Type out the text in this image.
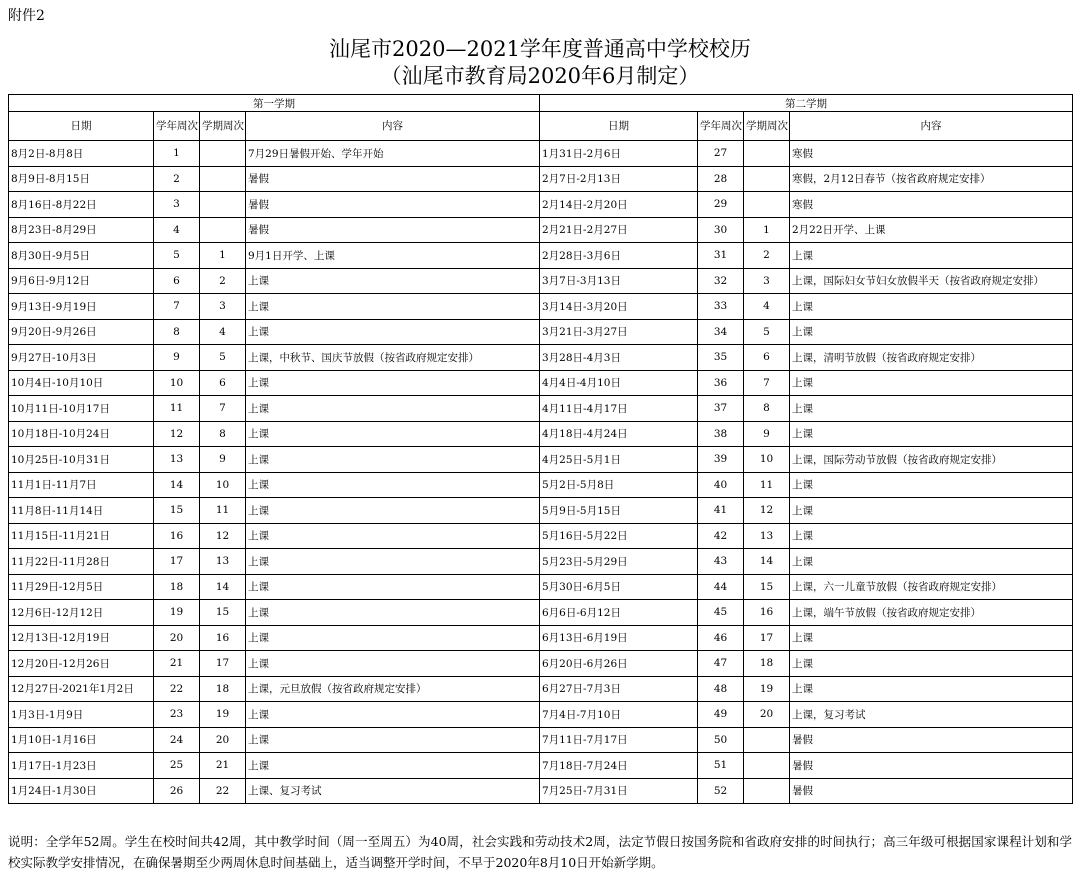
附件2
汕尾市2020—2021学年度普通高中学校校历
（汕尾市教育局2020年6月制定）
第一学期				第二学期			
日期	学年周次	学期周次	内容	日期	学年周次	学期周次	内容
8月2日-8月8日	1		7月29日暑假开始、学年开始	1月31日-2月6日	27		寒假
8月9日-8月15日	2		暑假	2月7日-2月13日	28		寒假，2月12日春节（按省政府规定安排）
8月16日-8月22日	3		暑假	2月14日-2月20日	29		寒假
8月23日-8月29日	4		暑假	2月21日-2月27日	30	1	2月22日开学、上课
8月30日-9月5日	5	1	9月1日开学、上课	2月28日-3月6日	31	2	上课
9月6日-9月12日	6	2	上课	3月7日-3月13日	32	3	上课，国际妇女节妇女放假半天（按省政府规定安排）
9月13日-9月19日	7	3	上课	3月14日-3月20日	33	4	上课
9月20日-9月26日	8	4	上课	3月21日-3月27日	34	5	上课
9月27日-10月3日	9	5	上课，中秋节、国庆节放假（按省政府规定安排）	3月28日-4月3日	35	6	上课，清明节放假（按省政府规定安排）
10月4日-10月10日	10	6	上课	4月4日-4月10日	36	7	上课
10月11日-10月17日	11	7	上课	4月11日-4月17日	37	8	上课
10月18日-10月24日	12	8	上课	4月18日-4月24日	38	9	上课
10月25日-10月31日	13	9	上课	4月25日-5月1日	39	10	上课，国际劳动节放假（按省政府规定安排）
11月1日-11月7日	14	10	上课	5月2日-5月8日	40	11	上课
11月8日-11月14日	15	11	上课	5月9日-5月15日	41	12	上课
11月15日-11月21日	16	12	上课	5月16日-5月22日	42	13	上课
11月22日-11月28日	17	13	上课	5月23日-5月29日	43	14	上课
11月29日-12月5日	18	14	上课	5月30日-6月5日	44	15	上课，六一儿童节放假（按省政府规定安排）
12月6日-12月12日	19	15	上课	6月6日-6月12日	45	16	上课，端午节放假（按省政府规定安排）
12月13日-12月19日	20	16	上课	6月13日-6月19日	46	17	上课
12月20日-12月26日	21	17	上课	6月20日-6月26日	47	18	上课
12月27日-2021年1月2日	22	18	上课，元旦放假（按省政府规定安排）	6月27日-7月3日	48	19	上课
1月3日-1月9日	23	19	上课	7月4日-7月10日	49	20	上课，复习考试
1月10日-1月16日	24	20	上课	7月11日-7月17日	50		暑假
1月17日-1月23日	25	21	上课	7月18日-7月24日	51		暑假
1月24日-1月30日	26	22	上课、复习考试	7月25日-7月31日	52		暑假
说明：全学年52周。学生在校时间共42周，其中教学时间（周一至周五）为40周，社会实践和劳动技术2周，法定节假日按国务院和省政府安排的时间执行；高三年级可根据国家课程计划和学校实际教学安排情况，在确保暑期至少两周休息时间基础上，适当调整开学时间，不早于2020年8月10日开始新学期。
